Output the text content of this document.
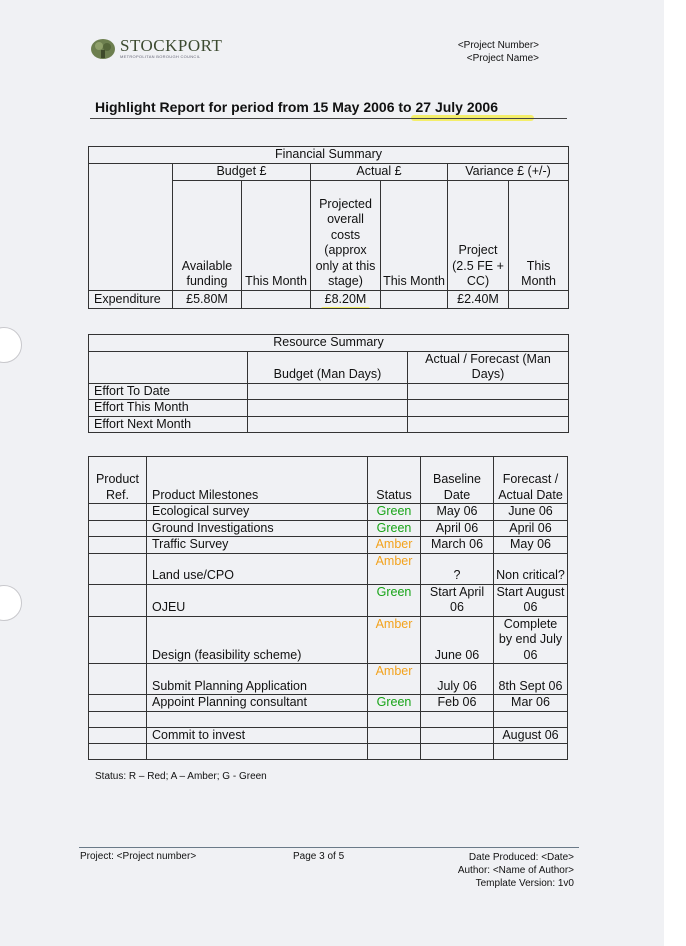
STOCKPORT
METROPOLITAN BOROUGH COUNCIL
<Project Number>
<Project Name>
Highlight Report for period from 15 May 2006 to 27 July 2006
Financial Summary						
	Budget £		Actual £		Variance £ (+/-)	
	Available funding	This Month	Projected overall costs (approx only at this stage)	This Month	Project (2.5 FE + CC)	This Month
Expenditure	£5.80M		£8.20M		£2.40M	
Resource Summary		
	Budget (Man Days)	Actual / Forecast (Man Days)
Effort To Date		
Effort This Month		
Effort Next Month		
Product Ref.	Product Milestones	Status	Baseline Date	Forecast / Actual Date
	Ecological survey	Green	May 06	June 06
	Ground Investigations	Green	April 06	April 06
	Traffic Survey	Amber	March 06	May 06
	Land use/CPO	Amber	?	Non critical?
	OJEU	Green	Start April 06	Start August 06
	Design (feasibility scheme)	Amber	June 06	Complete by end July 06
	Submit Planning Application	Amber	July 06	8th Sept 06
	Appoint Planning consultant	Green	Feb 06	Mar 06

	Commit to invest			August 06

Status: R – Red; A – Amber; G - Green
Project: <Project number>	Page 3 of 5	Date Produced: <Date>
Author: <Name of Author>
Template Version: 1v0
